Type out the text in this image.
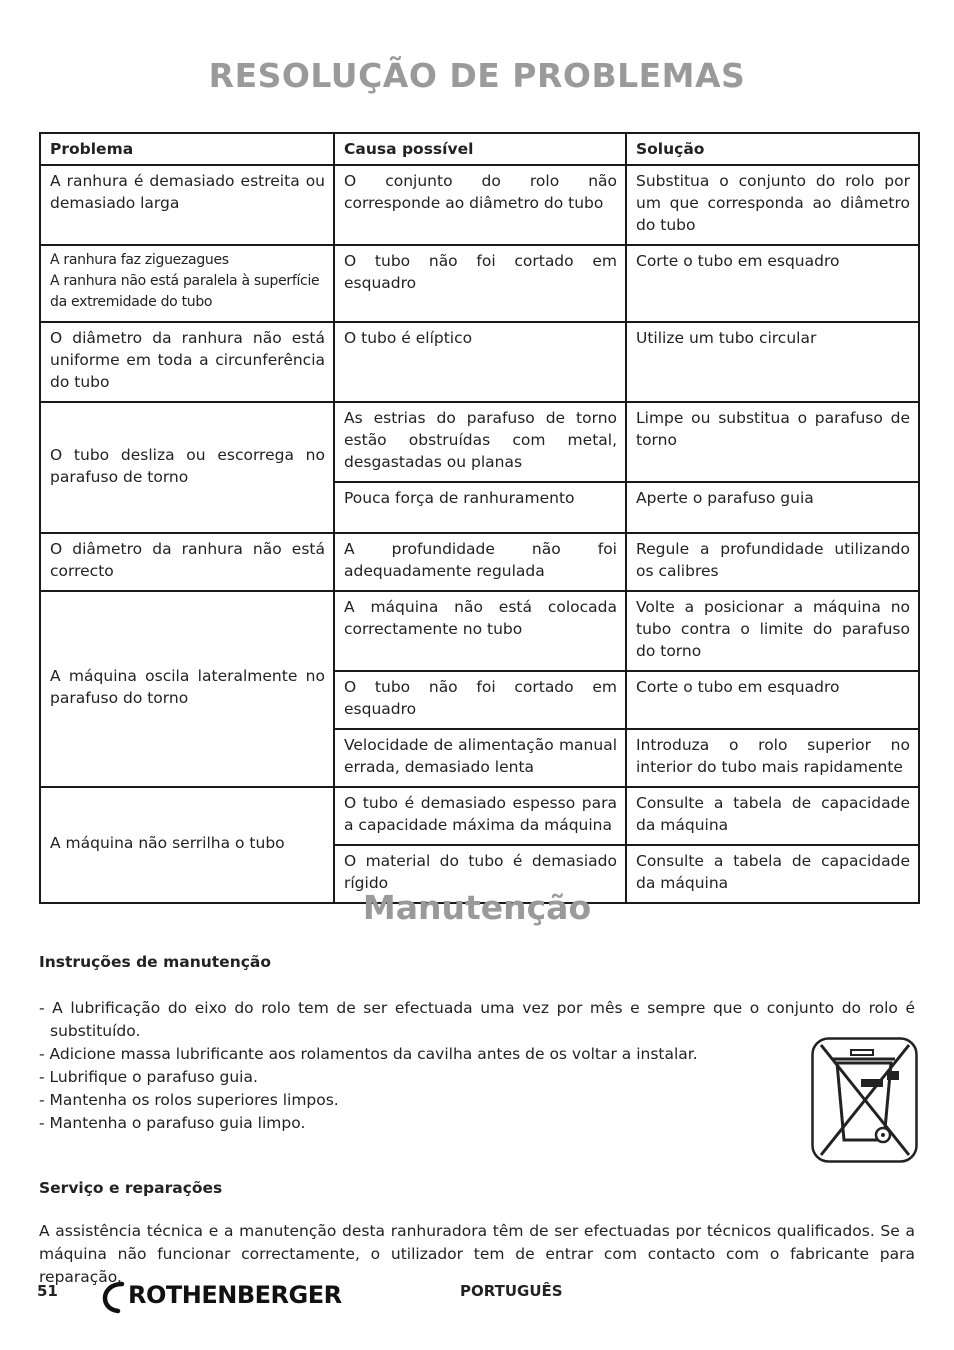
RESOLUÇÃO DE PROBLEMAS
Problema	Causa possível	Solução
A ranhura é demasiado estreita ou demasiado larga	O conjunto do rolo não corresponde ao diâmetro do tubo	Substitua o conjunto do rolo por um que corresponda ao diâmetro do tubo

A ranhura faz ziguezagues
A ranhura não está paralela à superfície da extremidade do tubo	O tubo não foi cortado em esquadro	Corte o tubo em esquadro
O diâmetro da ranhura não está uniforme em toda a circunferência do tubo	O tubo é elíptico	Utilize um tubo circular
O tubo desliza ou escorrega no parafuso de torno	As estrias do parafuso de torno estão obstruídas com metal, desgastadas ou planas	Limpe ou substitua o parafuso de torno
	Pouca força de ranhuramento	Aperte o parafuso guia
O diâmetro da ranhura não está correcto	A profundidade não foi adequadamente regulada	Regule a profundidade utilizando os calibres
A máquina oscila lateralmente no parafuso do torno	A máquina não está colocada correctamente no tubo	Volte a posicionar a máquina no tubo contra o limite do parafuso do torno
	O tubo não foi cortado em esquadro	Corte o tubo em esquadro
	Velocidade de alimentação manual errada, demasiado lenta	Introduza o rolo superior no interior do tubo mais rapidamente
A máquina não serrilha o tubo	O tubo é demasiado espesso para a capacidade máxima da máquina	Consulte a tabela de capacidade da máquina
	O material do tubo é demasiado rígido	Consulte a tabela de capacidade da máquina
Manutenção

Instruções de manutenção

- A lubrificação do eixo do rolo tem de ser efectuada uma vez por mês e sempre que o conjunto do rolo é substituído.
- Adicione massa lubrificante aos rolamentos da cavilha antes de os voltar a instalar.
- Lubrifique o parafuso guia.
- Mantenha os rolos superiores limpos.
- Mantenha o parafuso guia limpo.

Serviço e reparações

A assistência técnica e a manutenção desta ranhuradora têm de ser efectuadas por técnicos qualificados. Se a máquina não funcionar correctamente, o utilizador tem de entrar com contacto com o fabricante para reparação.
51	ROTHENBERGER	PORTUGUÊS
